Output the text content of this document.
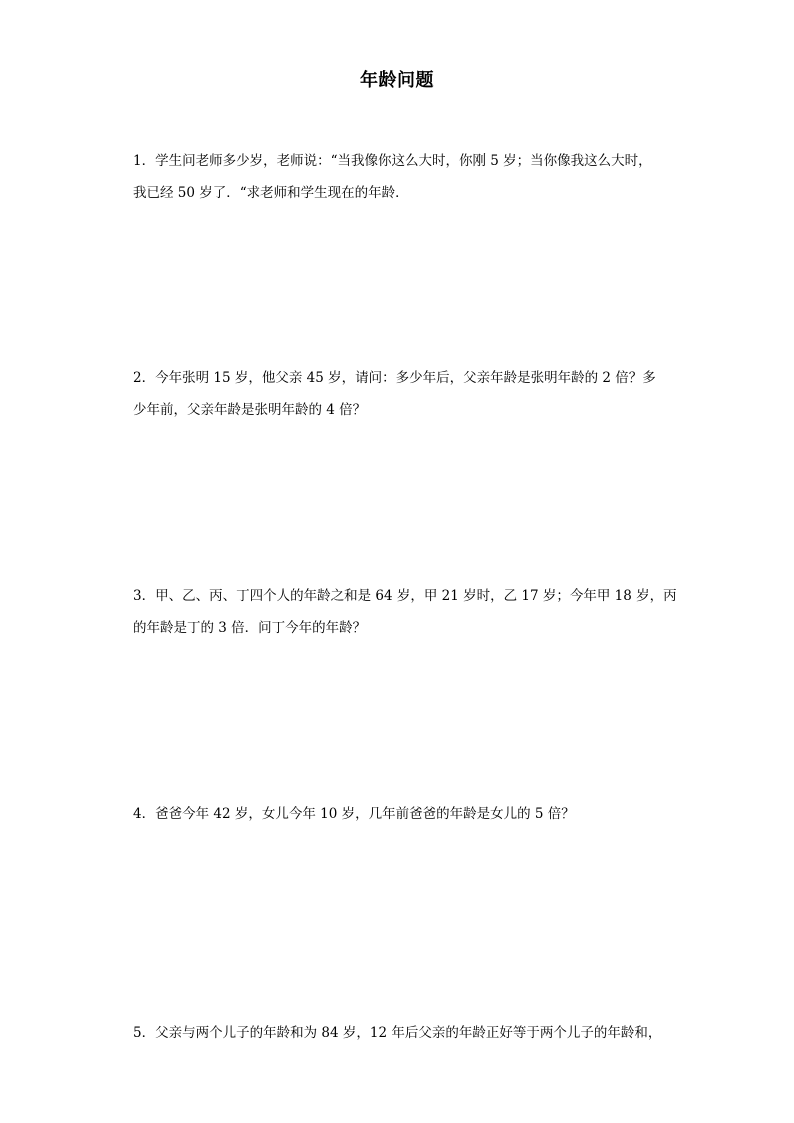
年龄问题
1．学生问老师多少岁，老师说：“当我像你这么大时，你刚 5 岁；当你像我这么大时，
我已经 50 岁了．“求老师和学生现在的年龄．
2．今年张明 15 岁，他父亲 45 岁，请问：多少年后，父亲年龄是张明年龄的 2 倍？多
少年前，父亲年龄是张明年龄的 4 倍？
3．甲、乙、丙、丁四个人的年龄之和是 64 岁，甲 21 岁时，乙 17 岁；今年甲 18 岁，丙
的年龄是丁的 3 倍．问丁今年的年龄？
4．爸爸今年 42 岁，女儿今年 10 岁，几年前爸爸的年龄是女儿的 5 倍？
5．父亲与两个儿子的年龄和为 84 岁，12 年后父亲的年龄正好等于两个儿子的年龄和，
